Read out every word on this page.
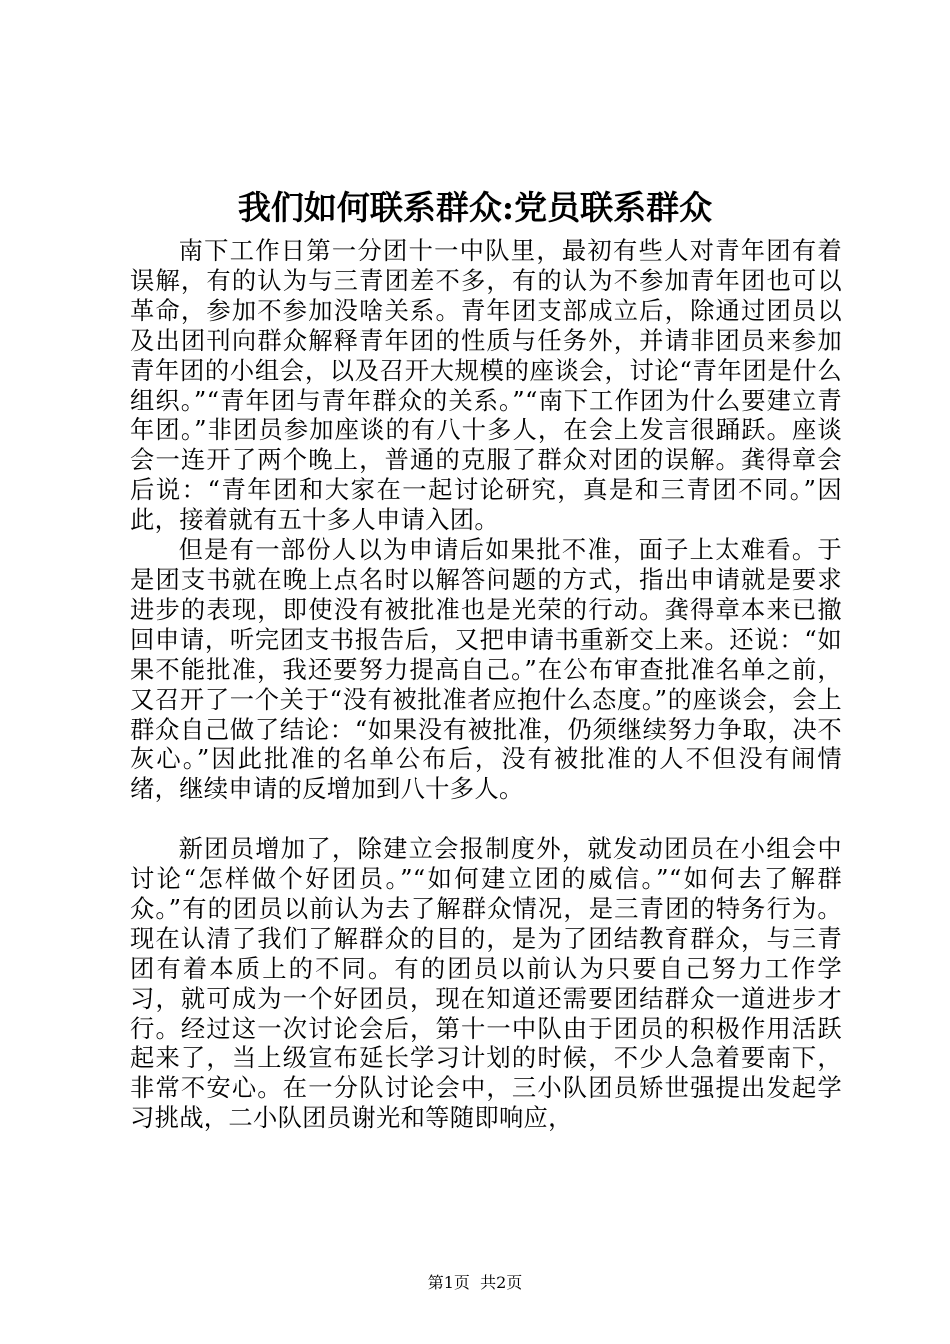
我们如何联系群众:党员联系群众

南下工作日第一分团十一中队里，最初有些人对青年团有着误解，有的认为与三青团差不多，有的认为不参加青年团也可以革命，参加不参加没啥关系。青年团支部成立后，除通过团员以及出团刊向群众解释青年团的性质与任务外，并请非团员来参加青年团的小组会，以及召开大规模的座谈会，讨论“青年团是什么组织。”“青年团与青年群众的关系。”“南下工作团为什么要建立青年团。”非团员参加座谈的有八十多人，在会上发言很踊跃。座谈会一连开了两个晚上，普通的克服了群众对团的误解。龚得章会后说：“青年团和大家在一起讨论研究，真是和三青团不同。”因此，接着就有五十多人申请入团。

但是有一部份人以为申请后如果批不准，面子上太难看。于是团支书就在晚上点名时以解答问题的方式，指出申请就是要求进步的表现，即使没有被批准也是光荣的行动。龚得章本来已撤回申请，听完团支书报告后，又把申请书重新交上来。还说：“如果不能批准，我还要努力提高自己。”在公布审查批准名单之前，又召开了一个关于“没有被批准者应抱什么态度。”的座谈会，会上群众自己做了结论：“如果没有被批准，仍须继续努力争取，决不灰心。”因此批准的名单公布后，没有被批准的人不但没有闹情绪，继续申请的反增加到八十多人。

新团员增加了，除建立会报制度外，就发动团员在小组会中讨论“怎样做个好团员。”“如何建立团的威信。”“如何去了解群众。”有的团员以前认为去了解群众情况，是三青团的特务行为。现在认清了我们了解群众的目的，是为了团结教育群众，与三青团有着本质上的不同。有的团员以前认为只要自己努力工作学习，就可成为一个好团员，现在知道还需要团结群众一道进步才行。经过这一次讨论会后，第十一中队由于团员的积极作用活跃起来了，当上级宣布延长学习计划的时候，不少人急着要南下，非常不安心。在一分队讨论会中，三小队团员矫世强提出发起学习挑战，二小队团员谢光和等随即响应，

第1页  共2页
